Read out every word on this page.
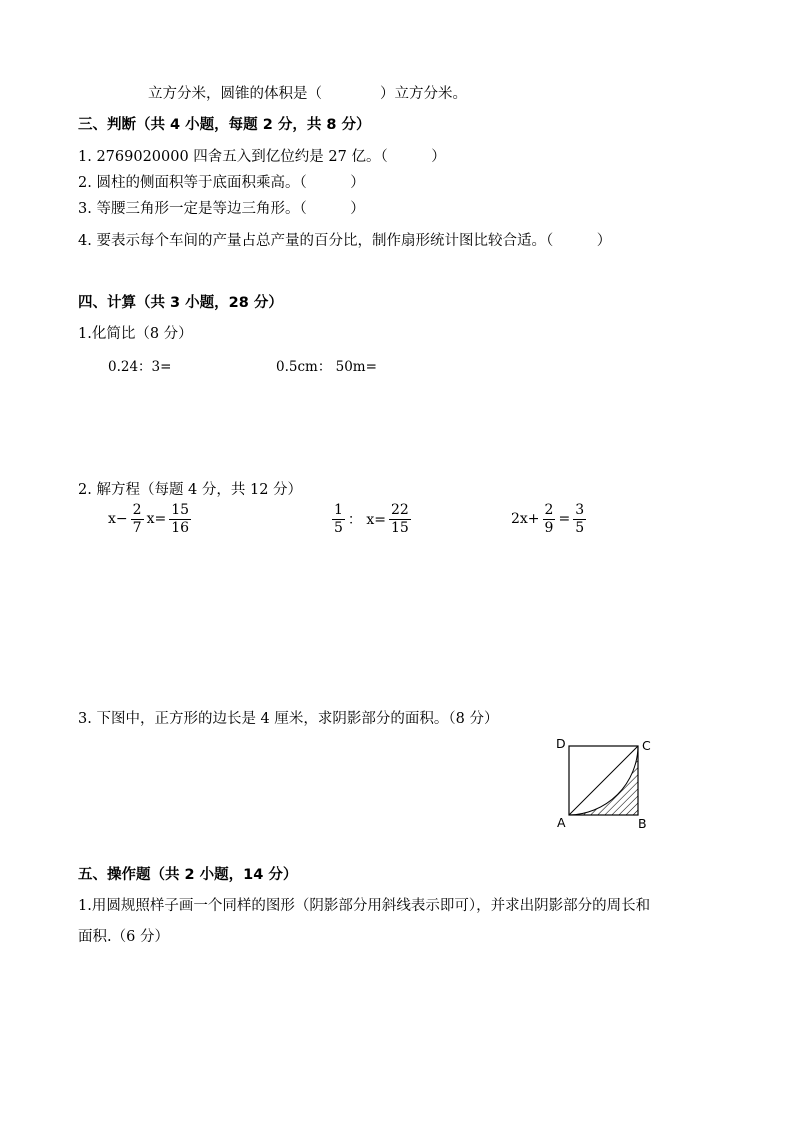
立方分米，圆锥的体积是（　　　　）立方分米。
三、判断（共 4 小题，每题 2 分，共 8 分）
1. 2769020000 四舍五入到亿位约是 27 亿。（　　　）
2. 圆柱的侧面积等于底面积乘高。（　　　）
3. 等腰三角形一定是等边三角形。（　　　）
4. 要表示每个车间的产量占总产量的百分比，制作扇形统计图比较合适。（　　　）
四、计算（共 3 小题，28 分）
1.化简比（8 分）
0.24：3=	0.5cm： 50m=
2. 解方程（每题 4 分，共 12 分）
$x- \frac{2}{7} x= \frac{15}{16}$	$\frac{1}{5}$ ： $x= \frac{22}{15}$	$2x+ \frac{2}{9} = \frac{3}{5}$
3. 下图中，正方形的边长是 4 厘米，求阴影部分的面积。（8 分）
D	C
A	B
五、操作题（共 2 小题，14 分）
1.用圆规照样子画一个同样的图形（阴影部分用斜线表示即可），并求出阴影部分的周长和
面积.（6 分）
